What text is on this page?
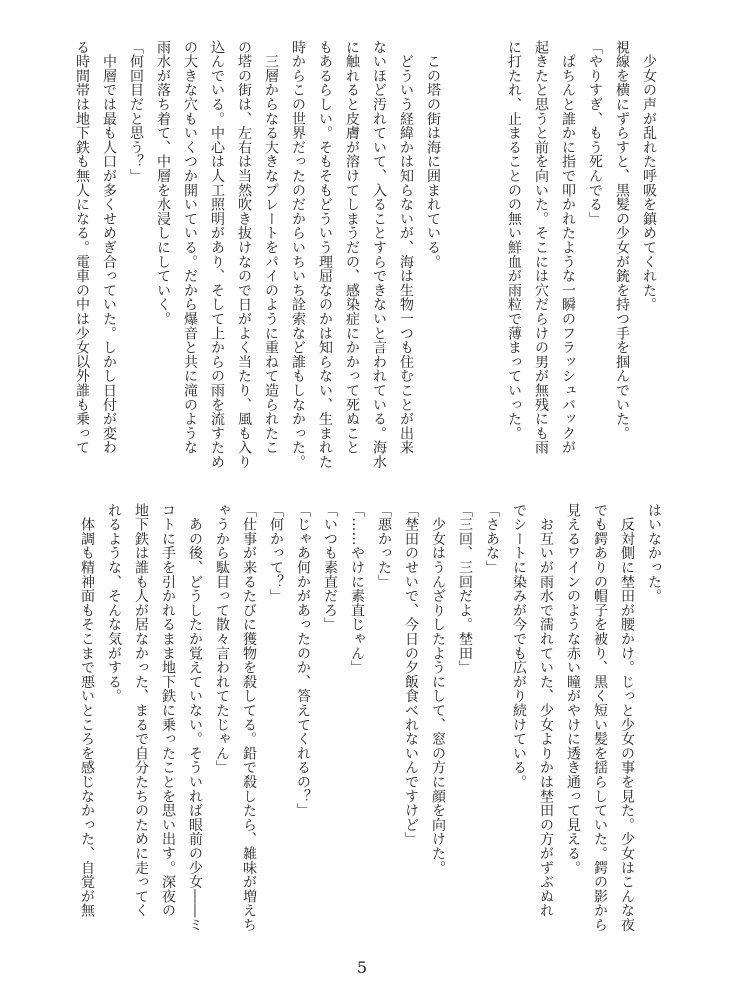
　少女の声が乱れた呼吸を鎮めてくれた。
視線を横にずらすと、黒髪の少女が銃を持つ手を掴んでいた。
「やりすぎ、もう死んでる」
　ぱちんと誰かに指で叩かれたような一瞬のフラッシュバックが
起きたと思うと前を向いた。そこには穴だらけの男が無残にも雨
に打たれ、止まることのの無い鮮血が雨粒で薄まっていった。
　この塔の街は海に囲まれている。
　どういう経緯かは知らないが、海は生物一つも住むことが出来
ないほど汚れていて、入ることすらできないと言われている。海水
に触れると皮膚が溶けてしまうだの、感染症にかかって死ぬこと
もあるらしい。そもそもどういう理屈なのかは知らない、生まれた
時からこの世界だったのだからいちいち詮索など誰もしなかった。
　三層からなる大きなプレートをパイのように重ねて造られたこ
の塔の街は、左右は当然吹き抜けなので日がよく当たり、風も入り
込んでいる。中心は人工照明があり、そして上からの雨を流すため
の大きな穴もいくつか開いている。だから爆音と共に滝のような
雨水が落ち着て、中層を水浸しにしていく。
「何回目だと思う？」
　中層では最も人口が多くせめぎ合っていた。しかし日付が変わ
る時間帯は地下鉄も無人になる。電車の中は少女以外誰も乗って
はいなかった。
　反対側に埜田が腰かけ。じっと少女の事を見た。少女はこんな夜
でも鍔ありの帽子を被り、黒く短い髪を揺らしていた。鍔の影から
見えるワインのような赤い瞳がやけに透き通って見える。
　お互いが雨水で濡れていた、少女よりかは埜田の方がずぶぬれ
でシートに染みが今でも広がり続けている。
「さあな」
「三回、三回だよ。埜田」
　少女はうんざりしたようにして、窓の方に顔を向けた。
「埜田のせいで、今日の夕飯食べれないんですけど」
「悪かった」
「……やけに素直じゃん」
「いつも素直だろ」
「じゃあ何かがあったのか、答えてくれるの？」
「何かって？」
「仕事が来るたびに獲物を殺してる。鉛で殺したら、雑味が増えち
ゃうから駄目って散々言われてたじゃん」
　あの後、どうしたか覚えていない。そういれば眼前の少女――ミ
コトに手を引かれるまま地下鉄に乗ったことを思い出す。深夜の
地下鉄は誰も人が居なかった、まるで自分たちのために走ってく
れるような、そんな気がする。
　体調も精神面もそこまで悪いところを感じなかった、自覚が無
5
